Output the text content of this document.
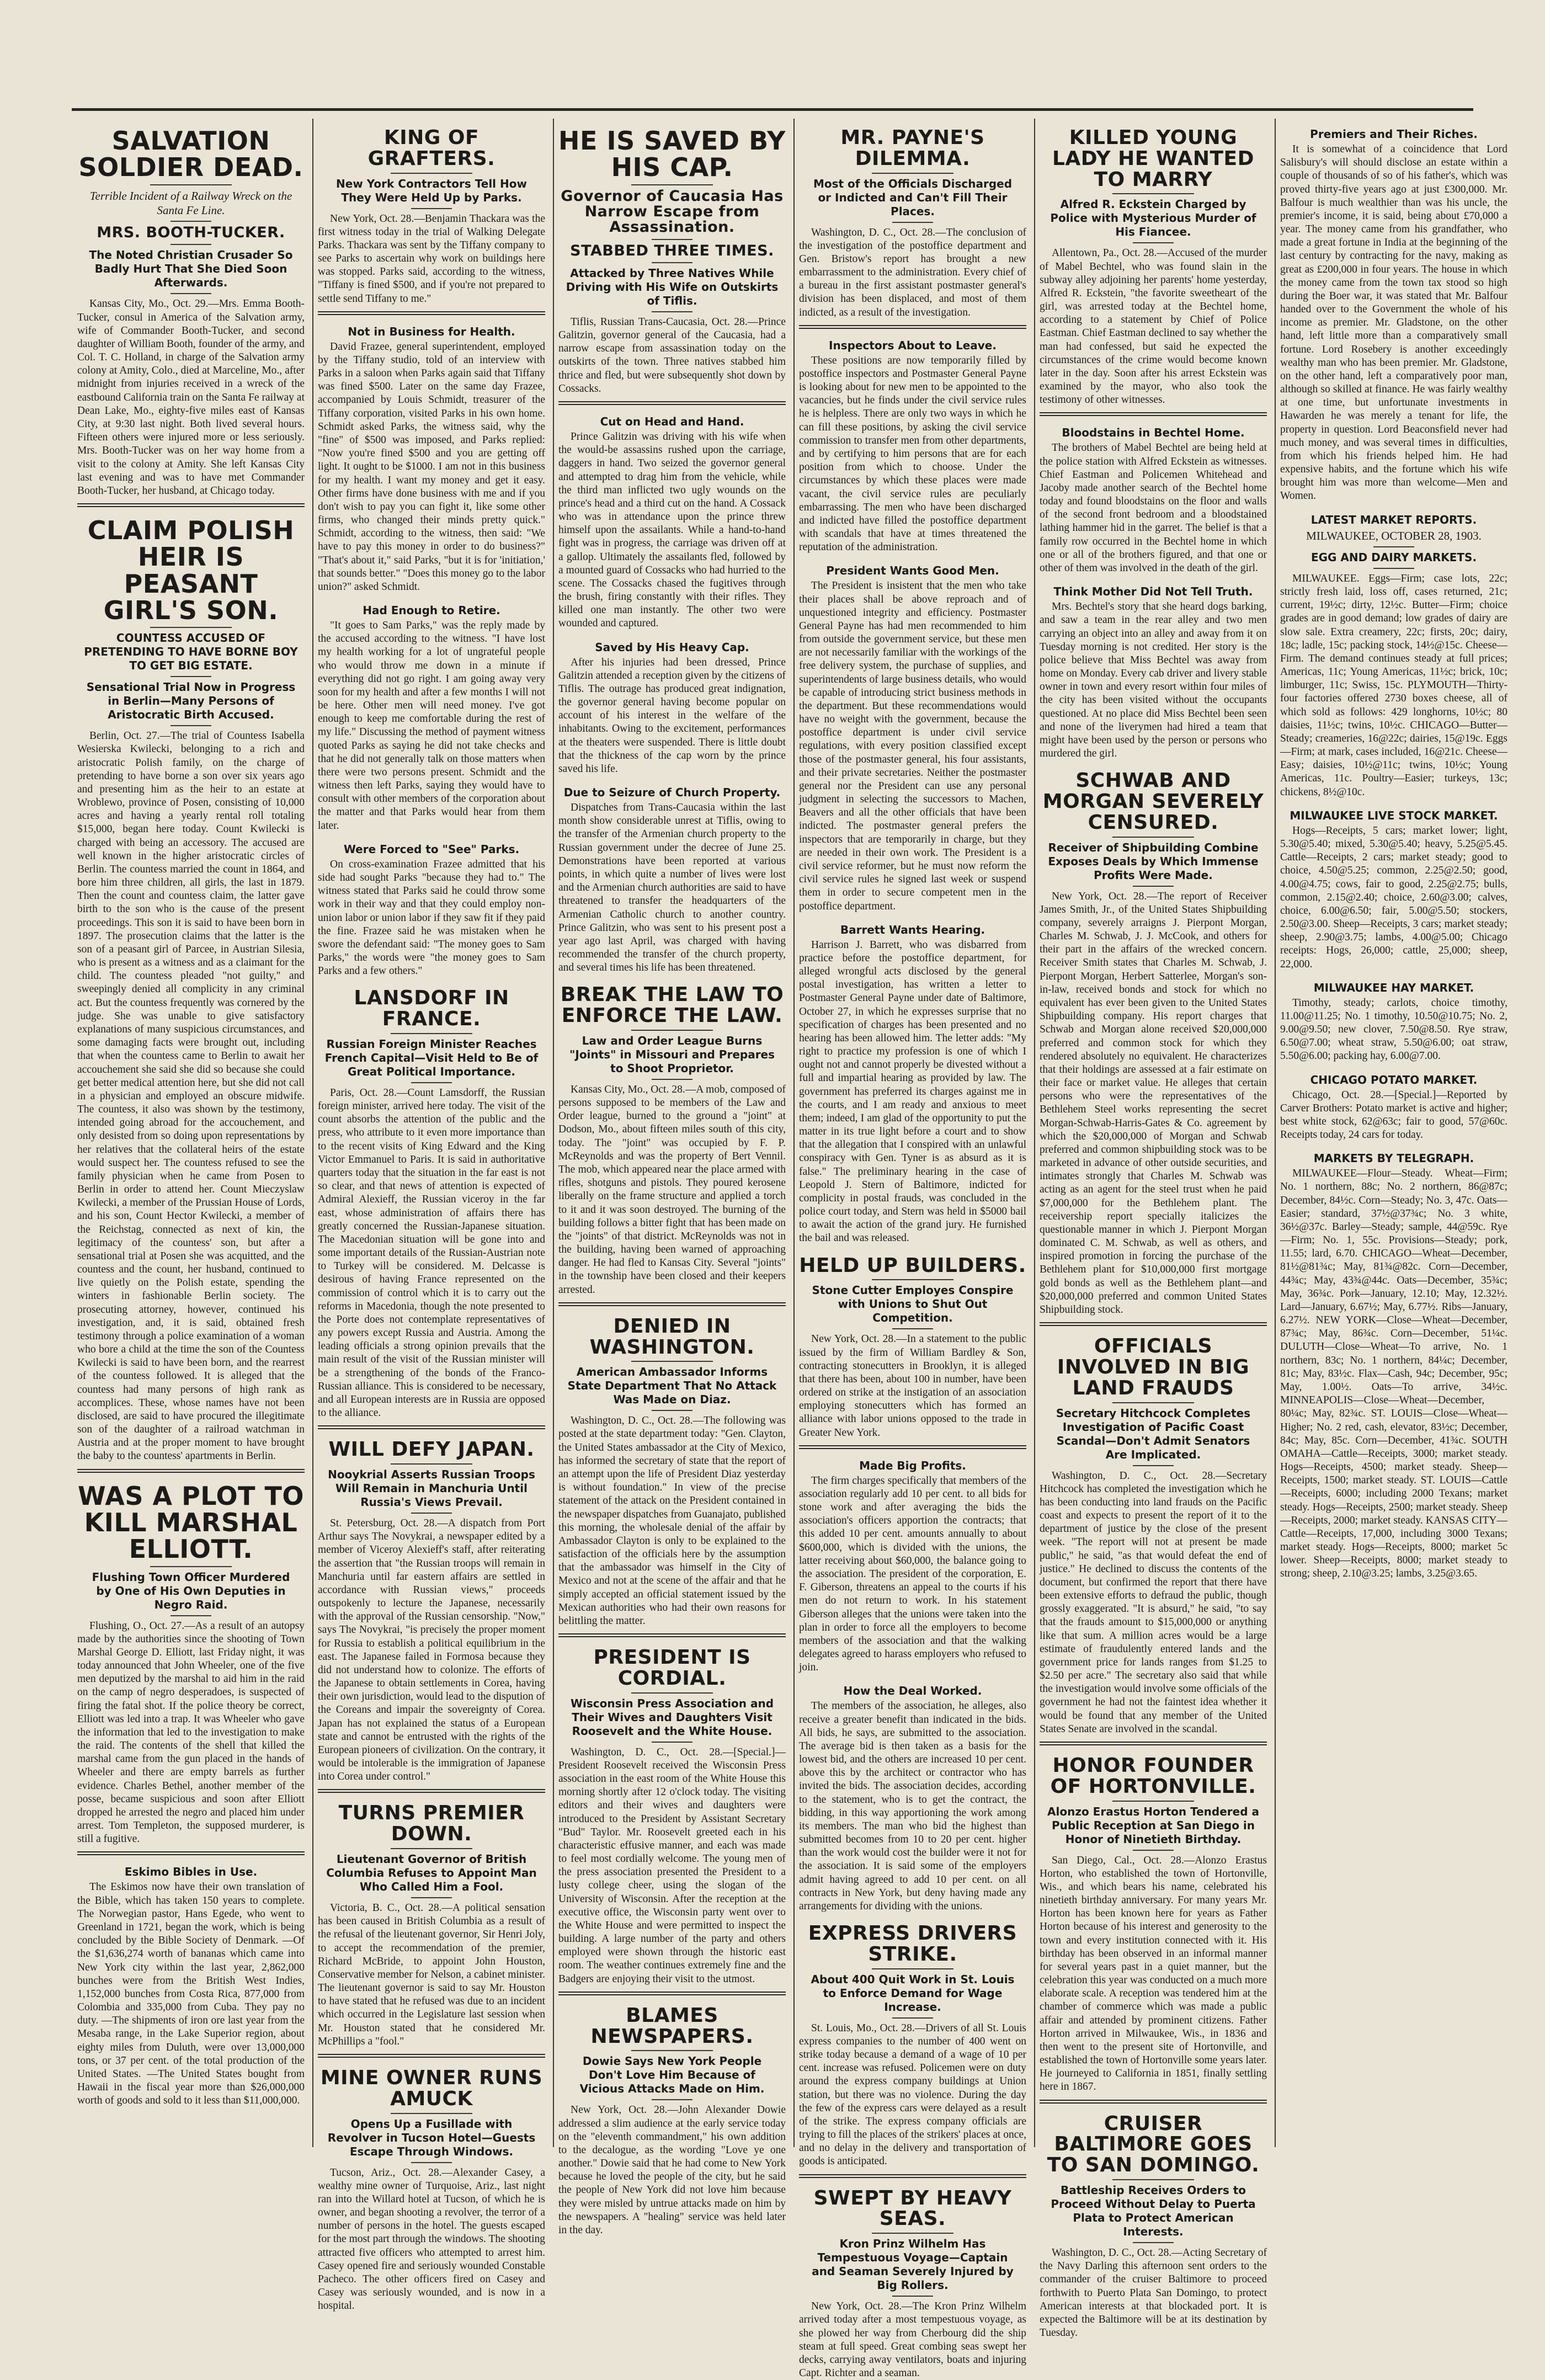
SALVATION SOLDIER DEAD.
Terrible Incident of a Railway Wreck on the Santa Fe Line.
MRS. BOOTH-TUCKER.
The Noted Christian Crusader So Badly Hurt That She Died Soon Afterwards.

Kansas City, Mo., Oct. 29.—Mrs. Emma Booth-Tucker, consul in America of the Salvation army, wife of Commander Booth-Tucker, and second daughter of William Booth, founder of the army, and Col. T. C. Holland, in charge of the Salvation army colony at Amity, Colo., died at Marceline, Mo., after midnight from injuries received in a wreck of the eastbound California train on the Santa Fe railway at Dean Lake, Mo., eighty-five miles east of Kansas City, at 9:30 last night. Both lived several hours. Fifteen others were injured more or less seriously. Mrs. Booth-Tucker was on her way home from a visit to the colony at Amity. She left Kansas City last evening and was to have met Commander Booth-Tucker, her husband, at Chicago today.

CLAIM POLISH HEIR IS PEASANT GIRL'S SON.
COUNTESS ACCUSED OF PRETENDING TO HAVE BORNE BOY TO GET BIG ESTATE.
Sensational Trial Now in Progress in Berlin—Many Persons of Aristocratic Birth Accused.

Berlin, Oct. 27.—The trial of Countess Isabella Wesierska Kwilecki, belonging to a rich and aristocratic Polish family, on the charge of pretending to have borne a son over six years ago and presenting him as the heir to an estate at Wroblewo, province of Posen, consisting of 10,000 acres and having a yearly rental roll totaling $15,000, began here today. Count Kwilecki is charged with being an accessory. The accused are well known in the higher aristocratic circles of Berlin. The countess married the count in 1864, and bore him three children, all girls, the last in 1879. Then the count and countess claim, the latter gave birth to the son who is the cause of the present proceedings. This son it is said to have been born in 1897. The prosecution claims that the latter is the son of a peasant girl of Parcee, in Austrian Silesia, who is present as a witness and as a claimant for the child. The countess pleaded "not guilty," and sweepingly denied all complicity in any criminal act. But the countess frequently was cornered by the judge. She was unable to give satisfactory explanations of many suspicious circumstances, and some damaging facts were brought out, including that when the countess came to Berlin to await her accouchement she said she did so because she could get better medical attention here, but she did not call in a physician and employed an obscure midwife. The countess, it also was shown by the testimony, intended going abroad for the accouchement, and only desisted from so doing upon representations by her relatives that the collateral heirs of the estate would suspect her. The countess refused to see the family physician when he came from Posen to Berlin in order to attend her. Count Mieczyslaw Kwilecki, a member of the Prussian House of Lords, and his son, Count Hector Kwilecki, a member of the Reichstag, connected as next of kin, the legitimacy of the countess' son, but after a sensational trial at Posen she was acquitted, and the countess and the count, her husband, continued to live quietly on the Polish estate, spending the winters in fashionable Berlin society. The prosecuting attorney, however, continued his investigation, and, it is said, obtained fresh testimony through a police examination of a woman who bore a child at the time the son of the Countess Kwilecki is said to have been born, and the rearrest of the countess followed. It is alleged that the countess had many persons of high rank as accomplices. These, whose names have not been disclosed, are said to have procured the illegitimate son of the daughter of a railroad watchman in Austria and at the proper moment to have brought the baby to the countess' apartments in Berlin.

WAS A PLOT TO KILL MARSHAL ELLIOTT.
Flushing Town Officer Murdered by One of His Own Deputies in Negro Raid.

Flushing, O., Oct. 27.—As a result of an autopsy made by the authorities since the shooting of Town Marshal George D. Elliott, last Friday night, it was today announced that John Wheeler, one of the five men deputized by the marshal to aid him in the raid on the camp of negro desperadoes, is suspected of firing the fatal shot. If the police theory be correct, Elliott was led into a trap. It was Wheeler who gave the information that led to the investigation to make the raid. The contents of the shell that killed the marshal came from the gun placed in the hands of Wheeler and there are empty barrels as further evidence. Charles Bethel, another member of the posse, became suspicious and soon after Elliott dropped he arrested the negro and placed him under arrest. Tom Templeton, the supposed murderer, is still a fugitive.

Eskimo Bibles in Use.

The Eskimos now have their own translation of the Bible, which has taken 150 years to complete. The Norwegian pastor, Hans Egede, who went to Greenland in 1721, began the work, which is being concluded by the Bible Society of Denmark. —Of the $1,636,274 worth of bananas which came into New York city within the last year, 2,862,000 bunches were from the British West Indies, 1,152,000 bunches from Costa Rica, 877,000 from Colombia and 335,000 from Cuba. They pay no duty. —The shipments of iron ore last year from the Mesaba range, in the Lake Superior region, about eighty miles from Duluth, were over 13,000,000 tons, or 37 per cent. of the total production of the United States. —The United States bought from Hawaii in the fiscal year more than $26,000,000 worth of goods and sold to it less than $11,000,000.

KING OF GRAFTERS.
New York Contractors Tell How They Were Held Up by Parks.

New York, Oct. 28.—Benjamin Thackara was the first witness today in the trial of Walking Delegate Parks. Thackara was sent by the Tiffany company to see Parks to ascertain why work on buildings here was stopped. Parks said, according to the witness, "Tiffany is fined $500, and if you're not prepared to settle send Tiffany to me."

Not in Business for Health.

David Frazee, general superintendent, employed by the Tiffany studio, told of an interview with Parks in a saloon when Parks again said that Tiffany was fined $500. Later on the same day Frazee, accompanied by Louis Schmidt, treasurer of the Tiffany corporation, visited Parks in his own home. Schmidt asked Parks, the witness said, why the "fine" of $500 was imposed, and Parks replied: "Now you're fined $500 and you are getting off light. It ought to be $1000. I am not in this business for my health. I want my money and get it easy. Other firms have done business with me and if you don't wish to pay you can fight it, like some other firms, who changed their minds pretty quick." Schmidt, according to the witness, then said: "We have to pay this money in order to do business?" "That's about it," said Parks, "but it is for 'initiation,' that sounds better." "Does this money go to the labor union?" asked Schmidt.

Had Enough to Retire.

"It goes to Sam Parks," was the reply made by the accused according to the witness. "I have lost my health working for a lot of ungrateful people who would throw me down in a minute if everything did not go right. I am going away very soon for my health and after a few months I will not be here. Other men will need money. I've got enough to keep me comfortable during the rest of my life." Discussing the method of payment witness quoted Parks as saying he did not take checks and that he did not generally talk on those matters when there were two persons present. Schmidt and the witness then left Parks, saying they would have to consult with other members of the corporation about the matter and that Parks would hear from them later.

Were Forced to "See" Parks.

On cross-examination Frazee admitted that his side had sought Parks "because they had to." The witness stated that Parks said he could throw some work in their way and that they could employ non-union labor or union labor if they saw fit if they paid the fine. Frazee said he was mistaken when he swore the defendant said: "The money goes to Sam Parks," the words were "the money goes to Sam Parks and a few others."

LANSDORF IN FRANCE.
Russian Foreign Minister Reaches French Capital—Visit Held to Be of Great Political Importance.

Paris, Oct. 28.—Count Lamsdorff, the Russian foreign minister, arrived here today. The visit of the count absorbs the attention of the public and the press, who attribute to it even more importance than to the recent visits of King Edward and the King Victor Emmanuel to Paris. It is said in authoritative quarters today that the situation in the far east is not so clear, and that news of attention is expected of Admiral Alexieff, the Russian viceroy in the far east, whose administration of affairs there has greatly concerned the Russian-Japanese situation. The Macedonian situation will be gone into and some important details of the Russian-Austrian note to Turkey will be considered. M. Delcasse is desirous of having France represented on the commission of control which it is to carry out the reforms in Macedonia, though the note presented to the Porte does not contemplate representatives of any powers except Russia and Austria. Among the leading officials a strong opinion prevails that the main result of the visit of the Russian minister will be a strengthening of the bonds of the Franco-Russian alliance. This is considered to be necessary, and all European interests are in Russia are opposed to the alliance.

WILL DEFY JAPAN.
Nooykrial Asserts Russian Troops Will Remain in Manchuria Until Russia's Views Prevail.

St. Petersburg, Oct. 28.—A dispatch from Port Arthur says The Novykrai, a newspaper edited by a member of Viceroy Alexieff's staff, after reiterating the assertion that "the Russian troops will remain in Manchuria until far eastern affairs are settled in accordance with Russian views," proceeds outspokenly to lecture the Japanese, necessarily with the approval of the Russian censorship. "Now," says The Novykrai, "is precisely the proper moment for Russia to establish a political equilibrium in the east. The Japanese failed in Formosa because they did not understand how to colonize. The efforts of the Japanese to obtain settlements in Corea, having their own jurisdiction, would lead to the dispution of the Coreans and impair the sovereignty of Corea. Japan has not explained the status of a European state and cannot be entrusted with the rights of the European pioneers of civilization. On the contrary, it would be intolerable is the immigration of Japanese into Corea under control."

TURNS PREMIER DOWN.
Lieutenant Governor of British Columbia Refuses to Appoint Man Who Called Him a Fool.

Victoria, B. C., Oct. 28.—A political sensation has been caused in British Columbia as a result of the refusal of the lieutenant governor, Sir Henri Joly, to accept the recommendation of the premier, Richard McBride, to appoint John Houston, Conservative member for Nelson, a cabinet minister. The lieutenant governor is said to say Mr. Houston to have stated that he refused was due to an incident which occurred in the Legislature last session when Mr. Houston stated that he considered Mr. McPhillips a "fool."

MINE OWNER RUNS AMUCK
Opens Up a Fusillade with Revolver in Tucson Hotel—Guests Escape Through Windows.

Tucson, Ariz., Oct. 28.—Alexander Casey, a wealthy mine owner of Turquoise, Ariz., last night ran into the Willard hotel at Tucson, of which he is owner, and began shooting a revolver, the terror of a number of persons in the hotel. The guests escaped for the most part through the windows. The shooting attracted five officers who attempted to arrest him. Casey opened fire and seriously wounded Constable Pacheco. The other officers fired on Casey and Casey was seriously wounded, and is now in a hospital.

HE IS SAVED BY HIS CAP.
Governor of Caucasia Has Narrow Escape from Assassination.
STABBED THREE TIMES.
Attacked by Three Natives While Driving with His Wife on Outskirts of Tiflis.

Tiflis, Russian Trans-Caucasia, Oct. 28.—Prince Galitzin, governor general of the Caucasia, had a narrow escape from assassination today on the outskirts of the town. Three natives stabbed him thrice and fled, but were subsequently shot down by Cossacks.

Cut on Head and Hand.

Prince Galitzin was driving with his wife when the would-be assassins rushed upon the carriage, daggers in hand. Two seized the governor general and attempted to drag him from the vehicle, while the third man inflicted two ugly wounds on the prince's head and a third cut on the hand. A Cossack who was in attendance upon the prince threw himself upon the assailants. While a hand-to-hand fight was in progress, the carriage was driven off at a gallop. Ultimately the assailants fled, followed by a mounted guard of Cossacks who had hurried to the scene. The Cossacks chased the fugitives through the brush, firing constantly with their rifles. They killed one man instantly. The other two were wounded and captured.

Saved by His Heavy Cap.

After his injuries had been dressed, Prince Galitzin attended a reception given by the citizens of Tiflis. The outrage has produced great indignation, the governor general having become popular on account of his interest in the welfare of the inhabitants. Owing to the excitement, performances at the theaters were suspended. There is little doubt that the thickness of the cap worn by the prince saved his life.

Due to Seizure of Church Property.

Dispatches from Trans-Caucasia within the last month show considerable unrest at Tiflis, owing to the transfer of the Armenian church property to the Russian government under the decree of June 25. Demonstrations have been reported at various points, in which quite a number of lives were lost and the Armenian church authorities are said to have threatened to transfer the headquarters of the Armenian Catholic church to another country. Prince Galitzin, who was sent to his present post a year ago last April, was charged with having recommended the transfer of the church property, and several times his life has been threatened.

BREAK THE LAW TO ENFORCE THE LAW.
Law and Order League Burns "Joints" in Missouri and Prepares to Shoot Proprietor.

Kansas City, Mo., Oct. 28.—A mob, composed of persons supposed to be members of the Law and Order league, burned to the ground a "joint" at Dodson, Mo., about fifteen miles south of this city, today. The "joint" was occupied by F. P. McReynolds and was the property of Bert Vennil. The mob, which appeared near the place armed with rifles, shotguns and pistols. They poured kerosene liberally on the frame structure and applied a torch to it and it was soon destroyed. The burning of the building follows a bitter fight that has been made on the "joints" of that district. McReynolds was not in the building, having been warned of approaching danger. He had fled to Kansas City. Several "joints" in the township have been closed and their keepers arrested.

DENIED IN WASHINGTON.
American Ambassador Informs State Department That No Attack Was Made on Diaz.

Washington, D. C., Oct. 28.—The following was posted at the state department today: "Gen. Clayton, the United States ambassador at the City of Mexico, has informed the secretary of state that the report of an attempt upon the life of President Diaz yesterday is without foundation." In view of the precise statement of the attack on the President contained in the newspaper dispatches from Guanajato, published this morning, the wholesale denial of the affair by Ambassador Clayton is only to be explained to the satisfaction of the officials here by the assumption that the ambassador was himself in the City of Mexico and not at the scene of the affair and that he simply accepted an official statement issued by the Mexican authorities who had their own reasons for belittling the matter.

PRESIDENT IS CORDIAL.
Wisconsin Press Association and Their Wives and Daughters Visit Roosevelt and the White House.

Washington, D. C., Oct. 28.—[Special.]—President Roosevelt received the Wisconsin Press association in the east room of the White House this morning shortly after 12 o'clock today. The visiting editors and their wives and daughters were introduced to the President by Assistant Secretary "Bud" Taylor. Mr. Roosevelt greeted each in his characteristic effusive manner, and each was made to feel most cordially welcome. The young men of the press association presented the President to a lusty college cheer, using the slogan of the University of Wisconsin. After the reception at the executive office, the Wisconsin party went over to the White House and were permitted to inspect the building. A large number of the party and others employed were shown through the historic east room. The weather continues extremely fine and the Badgers are enjoying their visit to the utmost.

BLAMES NEWSPAPERS.
Dowie Says New York People Don't Love Him Because of Vicious Attacks Made on Him.

New York, Oct. 28.—John Alexander Dowie addressed a slim audience at the early service today on the "eleventh commandment," his own addition to the decalogue, as the wording "Love ye one another." Dowie said that he had come to New York because he loved the people of the city, but he said the people of New York did not love him because they were misled by untrue attacks made on him by the newspapers. A "healing" service was held later in the day.

MR. PAYNE'S DILEMMA.
Most of the Officials Discharged or Indicted and Can't Fill Their Places.

Washington, D. C., Oct. 28.—The conclusion of the investigation of the postoffice department and Gen. Bristow's report has brought a new embarrassment to the administration. Every chief of a bureau in the first assistant postmaster general's division has been displaced, and most of them indicted, as a result of the investigation.

Inspectors About to Leave.

These positions are now temporarily filled by postoffice inspectors and Postmaster General Payne is looking about for new men to be appointed to the vacancies, but he finds under the civil service rules he is helpless. There are only two ways in which he can fill these positions, by asking the civil service commission to transfer men from other departments, and by certifying to him persons that are for each position from which to choose. Under the circumstances by which these places were made vacant, the civil service rules are peculiarly embarrassing. The men who have been discharged and indicted have filled the postoffice department with scandals that have at times threatened the reputation of the administration.

President Wants Good Men.

The President is insistent that the men who take their places shall be above reproach and of unquestioned integrity and efficiency. Postmaster General Payne has had men recommended to him from outside the government service, but these men are not necessarily familiar with the workings of the free delivery system, the purchase of supplies, and superintendents of large business details, who would be capable of introducing strict business methods in the department. But these recommendations would have no weight with the government, because the postoffice department is under civil service regulations, with every position classified except those of the postmaster general, his four assistants, and their private secretaries. Neither the postmaster general nor the President can use any personal judgment in selecting the successors to Machen, Beavers and all the other officials that have been indicted. The postmaster general prefers the inspectors that are temporarily in charge, but they are needed in their own work. The President is a civil service reformer, but he must now reform the civil service rules he signed last week or suspend them in order to secure competent men in the postoffice department.

Barrett Wants Hearing.

Harrison J. Barrett, who was disbarred from practice before the postoffice department, for alleged wrongful acts disclosed by the general postal investigation, has written a letter to Postmaster General Payne under date of Baltimore, October 27, in which he expresses surprise that no specification of charges has been presented and no hearing has been allowed him. The letter adds: "My right to practice my profession is one of which I ought not and cannot properly be divested without a full and impartial hearing as provided by law. The government has preferred its charges against me in the courts, and I am ready and anxious to meet them; indeed, I am glad of the opportunity to put the matter in its true light before a court and to show that the allegation that I conspired with an unlawful conspiracy with Gen. Tyner is as absurd as it is false." The preliminary hearing in the case of Leopold J. Stern of Baltimore, indicted for complicity in postal frauds, was concluded in the police court today, and Stern was held in $5000 bail to await the action of the grand jury. He furnished the bail and was released.

HELD UP BUILDERS.
Stone Cutter Employes Conspire with Unions to Shut Out Competition.

New York, Oct. 28.—In a statement to the public issued by the firm of William Bardley & Son, contracting stonecutters in Brooklyn, it is alleged that there has been, about 100 in number, have been ordered on strike at the instigation of an association employing stonecutters which has formed an alliance with labor unions opposed to the trade in Greater New York.

Made Big Profits.

The firm charges specifically that members of the association regularly add 10 per cent. to all bids for stone work and after averaging the bids the association's officers apportion the contracts; that this added 10 per cent. amounts annually to about $600,000, which is divided with the unions, the latter receiving about $60,000, the balance going to the association. The president of the corporation, E. F. Giberson, threatens an appeal to the courts if his men do not return to work. In his statement Giberson alleges that the unions were taken into the plan in order to force all the employers to become members of the association and that the walking delegates agreed to harass employers who refused to join.

How the Deal Worked.

The members of the association, he alleges, also receive a greater benefit than indicated in the bids. All bids, he says, are submitted to the association. The average bid is then taken as a basis for the lowest bid, and the others are increased 10 per cent. above this by the architect or contractor who has invited the bids. The association decides, according to the statement, who is to get the contract, the bidding, in this way apportioning the work among its members. The man who bid the highest than submitted becomes from 10 to 20 per cent. higher than the work would cost the builder were it not for the association. It is said some of the employers admit having agreed to add 10 per cent. on all contracts in New York, but deny having made any arrangements for dividing with the unions.

EXPRESS DRIVERS STRIKE.
About 400 Quit Work in St. Louis to Enforce Demand for Wage Increase.

St. Louis, Mo., Oct. 28.—Drivers of all St. Louis express companies to the number of 400 went on strike today because a demand of a wage of 10 per cent. increase was refused. Policemen were on duty around the express company buildings at Union station, but there was no violence. During the day the few of the express cars were delayed as a result of the strike. The express company officials are trying to fill the places of the strikers' places at once, and no delay in the delivery and transportation of goods is anticipated.

SWEPT BY HEAVY SEAS.
Kron Prinz Wilhelm Has Tempestuous Voyage—Captain and Seaman Severely Injured by Big Rollers.

New York, Oct. 28.—The Kron Prinz Wilhelm arrived today after a most tempestuous voyage, as she plowed her way from Cherbourg did the ship steam at full speed. Great combing seas swept her decks, carrying away ventilators, boats and injuring Capt. Richter and a seaman.

KILLED YOUNG LADY HE WANTED TO MARRY
Alfred R. Eckstein Charged by Police with Mysterious Murder of His Fiancee.

Allentown, Pa., Oct. 28.—Accused of the murder of Mabel Bechtel, who was found slain in the subway alley adjoining her parents' home yesterday, Alfred R. Eckstein, "the favorite sweetheart of the girl, was arrested today at the Bechtel home, according to a statement by Chief of Police Eastman. Chief Eastman declined to say whether the man had confessed, but said he expected the circumstances of the crime would become known later in the day. Soon after his arrest Eckstein was examined by the mayor, who also took the testimony of other witnesses.

Bloodstains in Bechtel Home.

The brothers of Mabel Bechtel are being held at the police station with Alfred Eckstein as witnesses. Chief Eastman and Policemen Whitehead and Jacoby made another search of the Bechtel home today and found bloodstains on the floor and walls of the second front bedroom and a bloodstained lathing hammer hid in the garret. The belief is that a family row occurred in the Bechtel home in which one or all of the brothers figured, and that one or other of them was involved in the death of the girl.

Think Mother Did Not Tell Truth.

Mrs. Bechtel's story that she heard dogs barking, and saw a team in the rear alley and two men carrying an object into an alley and away from it on Tuesday morning is not credited. Her story is the police believe that Miss Bechtel was away from home on Monday. Every cab driver and livery stable owner in town and every resort within four miles of the city has been visited without the occupants questioned. At no place did Miss Bechtel been seen and none of the liverymen had hired a team that might have been used by the person or persons who murdered the girl.

SCHWAB AND MORGAN SEVERELY CENSURED.
Receiver of Shipbuilding Combine Exposes Deals by Which Immense Profits Were Made.

New York, Oct. 28.—The report of Receiver James Smith, Jr., of the United States Shipbuilding company, severely arraigns J. Pierpont Morgan, Charles M. Schwab, J. J. McCook, and others for their part in the affairs of the wrecked concern. Receiver Smith states that Charles M. Schwab, J. Pierpont Morgan, Herbert Satterlee, Morgan's son-in-law, received bonds and stock for which no equivalent has ever been given to the United States Shipbuilding company. His report charges that Schwab and Morgan alone received $20,000,000 preferred and common stock for which they rendered absolutely no equivalent. He characterizes that their holdings are assessed at a fair estimate on their face or market value. He alleges that certain persons who were the representatives of the Bethlehem Steel works representing the secret Morgan-Schwab-Harris-Gates & Co. agreement by which the $20,000,000 of Morgan and Schwab preferred and common shipbuilding stock was to be marketed in advance of other outside securities, and intimates strongly that Charles M. Schwab was acting as an agent for the steel trust when he paid $7,000,000 for the Bethlehem plant. The receivership report specially italicizes the questionable manner in which J. Pierpont Morgan dominated C. M. Schwab, as well as others, and inspired promotion in forcing the purchase of the Bethlehem plant for $10,000,000 first mortgage gold bonds as well as the Bethlehem plant—and $20,000,000 preferred and common United States Shipbuilding stock.

OFFICIALS INVOLVED IN BIG LAND FRAUDS
Secretary Hitchcock Completes Investigation of Pacific Coast Scandal—Don't Admit Senators Are Implicated.

Washington, D. C., Oct. 28.—Secretary Hitchcock has completed the investigation which he has been conducting into land frauds on the Pacific coast and expects to present the report of it to the department of justice by the close of the present week. "The report will not at present be made public," he said, "as that would defeat the end of justice." He declined to discuss the contents of the document, but confirmed the report that there have been extensive efforts to defraud the public, though grossly exaggerated. "It is absurd," he said, "to say that the frauds amount to $15,000,000 or anything like that sum. A million acres would be a large estimate of fraudulently entered lands and the government price for lands ranges from $1.25 to $2.50 per acre." The secretary also said that while the investigation would involve some officials of the government he had not the faintest idea whether it would be found that any member of the United States Senate are involved in the scandal.

HONOR FOUNDER OF HORTONVILLE.
Alonzo Erastus Horton Tendered a Public Reception at San Diego in Honor of Ninetieth Birthday.

San Diego, Cal., Oct. 28.—Alonzo Erastus Horton, who established the town of Hortonville, Wis., and which bears his name, celebrated his ninetieth birthday anniversary. For many years Mr. Horton has been known here for years as Father Horton because of his interest and generosity to the town and every institution connected with it. His birthday has been observed in an informal manner for several years past in a quiet manner, but the celebration this year was conducted on a much more elaborate scale. A reception was tendered him at the chamber of commerce which was made a public affair and attended by prominent citizens. Father Horton arrived in Milwaukee, Wis., in 1836 and then went to the present site of Hortonville, and established the town of Hortonville some years later. He journeyed to California in 1851, finally settling here in 1867.

CRUISER BALTIMORE GOES TO SAN DOMINGO.
Battleship Receives Orders to Proceed Without Delay to Puerta Plata to Protect American Interests.

Washington, D. C., Oct. 28.—Acting Secretary of the Navy Darling this afternoon sent orders to the commander of the cruiser Baltimore to proceed forthwith to Puerto Plata San Domingo, to protect American interests at that blockaded port. It is expected the Baltimore will be at its destination by Tuesday.

Premiers and Their Riches.

It is somewhat of a coincidence that Lord Salisbury's will should disclose an estate within a couple of thousands of so of his father's, which was proved thirty-five years ago at just £300,000. Mr. Balfour is much wealthier than was his uncle, the premier's income, it is said, being about £70,000 a year. The money came from his grandfather, who made a great fortune in India at the beginning of the last century by contracting for the navy, making as great as £200,000 in four years. The house in which the money came from the town tax stood so high during the Boer war, it was stated that Mr. Balfour handed over to the Government the whole of his income as premier. Mr. Gladstone, on the other hand, left little more than a comparatively small fortune. Lord Rosebery is another exceedingly wealthy man who has been premier. Mr. Gladstone, on the other hand, left a comparatively poor man, although so skilled at finance. He was fairly wealthy at one time, but unfortunate investments in Hawarden he was merely a tenant for life, the property in question. Lord Beaconsfield never had much money, and was several times in difficulties, from which his friends helped him. He had expensive habits, and the fortune which his wife brought him was more than welcome—Men and Women.

LATEST MARKET REPORTS.
MILWAUKEE, OCTOBER 28, 1903.
EGG AND DAIRY MARKETS.

MILWAUKEE. Eggs—Firm; case lots, 22c; strictly fresh laid, loss off, cases returned, 21c; current, 19½c; dirty, 12½c. Butter—Firm; choice grades are in good demand; low grades of dairy are slow sale. Extra creamery, 22c; firsts, 20c; dairy, 18c; ladle, 15c; packing stock, 14½@15c. Cheese—Firm. The demand continues steady at full prices; Americas, 11c; Young Americas, 11½c; brick, 10c; limburger, 11c; Swiss, 15c. PLYMOUTH—Thirty-four factories offered 2730 boxes cheese, all of which sold as follows: 429 longhorns, 10½c; 80 daisies, 11½c; twins, 10½c. CHICAGO—Butter—Steady; creameries, 16@22c; dairies, 15@19c. Eggs—Firm; at mark, cases included, 16@21c. Cheese—Easy; daisies, 10½@11c; twins, 10½c; Young Americas, 11c. Poultry—Easier; turkeys, 13c; chickens, 8½@10c.

MILWAUKEE LIVE STOCK MARKET.

Hogs—Receipts, 5 cars; market lower; light, 5.30@5.40; mixed, 5.30@5.40; heavy, 5.25@5.45. Cattle—Receipts, 2 cars; market steady; good to choice, 4.50@5.25; common, 2.25@2.50; good, 4.00@4.75; cows, fair to good, 2.25@2.75; bulls, common, 2.15@2.40; choice, 2.60@3.00; calves, choice, 6.00@6.50; fair, 5.00@5.50; stockers, 2.50@3.00. Sheep—Receipts, 3 cars; market steady; sheep, 2.90@3.75; lambs, 4.00@5.00; Chicago receipts: Hogs, 26,000; cattle, 25,000; sheep, 22,000.

MILWAUKEE HAY MARKET.

Timothy, steady; carlots, choice timothy, 11.00@11.25; No. 1 timothy, 10.50@10.75; No. 2, 9.00@9.50; new clover, 7.50@8.50. Rye straw, 6.50@7.00; wheat straw, 5.50@6.00; oat straw, 5.50@6.00; packing hay, 6.00@7.00.

CHICAGO POTATO MARKET.

Chicago, Oct. 28.—[Special.]—Reported by Carver Brothers: Potato market is active and higher; best white stock, 62@63c; fair to good, 57@60c. Receipts today, 24 cars for today.

MARKETS BY TELEGRAPH.

MILWAUKEE—Flour—Steady. Wheat—Firm; No. 1 northern, 88c; No. 2 northern, 86@87c; December, 84½c. Corn—Steady; No. 3, 47c. Oats—Easier; standard, 37½@37¾c; No. 3 white, 36½@37c. Barley—Steady; sample, 44@59c. Rye—Firm; No. 1, 55c. Provisions—Steady; pork, 11.55; lard, 6.70. CHICAGO—Wheat—December, 81½@81¾c; May, 81¾@82c. Corn—December, 44¾c; May, 43¾@44c. Oats—December, 35¾c; May, 36¾c. Pork—January, 12.10; May, 12.32½. Lard—January, 6.67½; May, 6.77½. Ribs—January, 6.27½. NEW YORK—Close—Wheat—December, 87¾c; May, 86¾c. Corn—December, 51¼c. DULUTH—Close—Wheat—To arrive, No. 1 northern, 83c; No. 1 northern, 84¼c; December, 81c; May, 83½c. Flax—Cash, 94c; December, 95c; May, 1.00½. Oats—To arrive, 34½c. MINNEAPOLIS—Close—Wheat—December, 80¼c; May, 82¾c. ST. LOUIS—Close—Wheat—Higher; No. 2 red, cash, elevator, 83½c; December, 84c; May, 85c. Corn—December, 41¾c. SOUTH OMAHA—Cattle—Receipts, 3000; market steady. Hogs—Receipts, 4500; market steady. Sheep—Receipts, 1500; market steady. ST. LOUIS—Cattle—Receipts, 6000; including 2000 Texans; market steady. Hogs—Receipts, 2500; market steady. Sheep—Receipts, 2000; market steady. KANSAS CITY—Cattle—Receipts, 17,000, including 3000 Texans; market steady. Hogs—Receipts, 8000; market 5c lower. Sheep—Receipts, 8000; market steady to strong; sheep, 2.10@3.25; lambs, 3.25@3.65.
